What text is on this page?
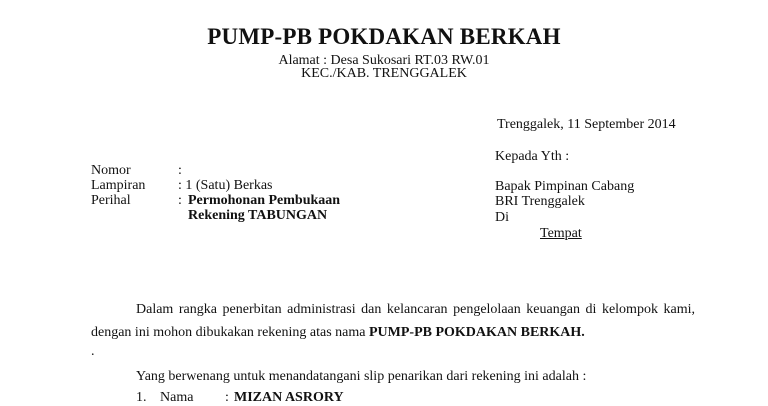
PUMP-PB POKDAKAN BERKAH
Alamat : Desa Sukosari RT.03 RW.01
KEC./KAB. TRENGGALEK
Trenggalek, 11 September 2014
Kepada Yth :
Bapak Pimpinan Cabang
BRI Trenggalek
Di
Tempat
Nomor	:
Lampiran : 1 (Satu) Berkas
Perihal	: Permohonan Pembukaan
Rekening TABUNGAN
Dalam rangka penerbitan administrasi dan kelancaran pengelolaan keuangan di kelompok kami, dengan ini mohon dibukakan rekening atas nama PUMP-PB POKDAKAN BERKAH.
.
Yang berwenang untuk menandatangani slip penarikan dari rekening ini adalah :
1. Nama : MIZAN ASRORY
